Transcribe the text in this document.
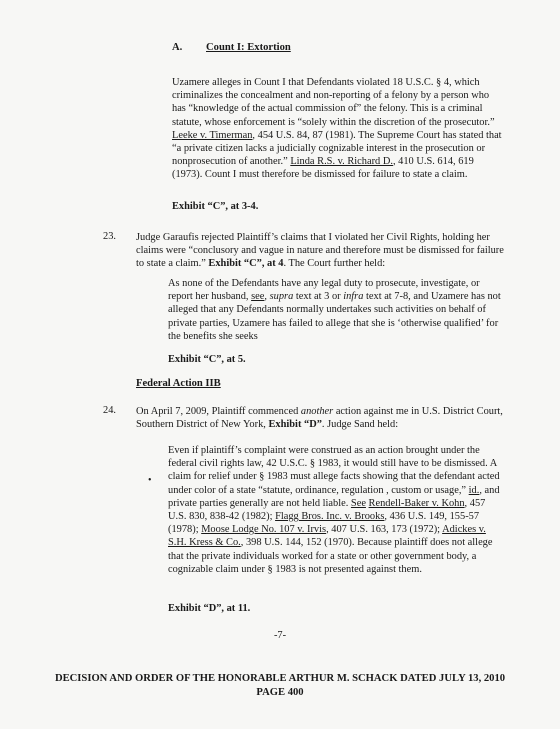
A. Count I: Extortion
Uzamere alleges in Count I that Defendants violated 18 U.S.C. § 4, which criminalizes the concealment and non-reporting of a felony by a person who has “knowledge of the actual commission of” the felony. This is a criminal statute, whose enforcement is “solely within the discretion of the prosecutor.” Leeke v. Timerman, 454 U.S. 84, 87 (1981). The Supreme Court has stated that “a private citizen lacks a judicially cognizable interest in the prosecution or nonprosecution of another.” Linda R.S. v. Richard D., 410 U.S. 614, 619 (1973). Count I must therefore be dismissed for failure to state a claim.
Exhibit “C”, at 3-4.
23. Judge Garaufis rejected Plaintiff’s claims that I violated her Civil Rights, holding her claims were “conclusory and vague in nature and therefore must be dismissed for failure to state a claim.” Exhibit “C”, at 4. The Court further held:
As none of the Defendants have any legal duty to prosecute, investigate, or report her husband, see, supra text at 3 or infra text at 7-8, and Uzamere has not alleged that any Defendants normally undertakes such activities on behalf of private parties, Uzamere has failed to allege that she is ‘otherwise qualified’ for the benefits she seeks
Exhibit “C”, at 5.
Federal Action IIB
24. On April 7, 2009, Plaintiff commenced another action against me in U.S. District Court, Southern District of New York, Exhibit “D”. Judge Sand held:
•
Even if plaintiff’s complaint were construed as an action brought under the federal civil rights law, 42 U.S.C. § 1983, it would still have to be dismissed. A claim for relief under § 1983 must allege facts showing that the defendant acted under color of a state “statute, ordinance, regulation , custom or usage,” id., and private parties generally are not held liable. See Rendell-Baker v. Kohn, 457 U.S. 830, 838-42 (1982); Flagg Bros. Inc. v. Brooks, 436 U.S. 149, 155-57 (1978); Moose Lodge No. 107 v. Irvis, 407 U.S. 163, 173 (1972); Adickes v. S.H. Kress & Co., 398 U.S. 144, 152 (1970). Because plaintiff does not allege that the private individuals worked for a state or other government body, a cognizable claim under § 1983 is not presented against them.
Exhibit “D”, at 11.
-7-
DECISION AND ORDER OF THE HONORABLE ARTHUR M. SCHACK DATED JULY 13, 2010
PAGE 400
